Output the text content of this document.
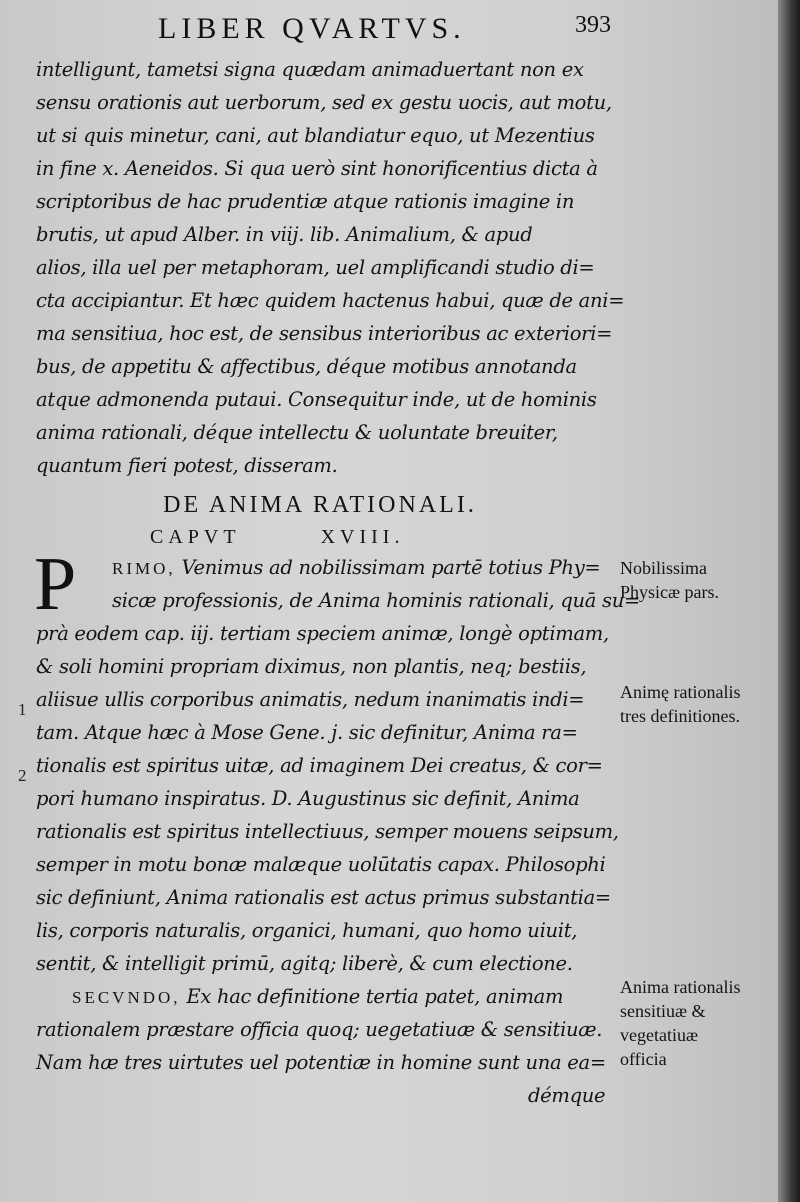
LIBER QVARTVS.	393
intelligunt, tametsi signa quædam animaduertant non ex
sensu orationis aut uerborum, sed ex gestu uocis, aut motu,
ut si quis minetur, cani, aut blandiatur equo, ut Mezentius
in fine x. Aeneidos. Si qua uerò sint honorificentius dicta à
scriptoribus de hac prudentiæ atque rationis imagine in
brutis, ut apud Alber. in viij. lib. Animalium, & apud
alios, illa uel per metaphoram, uel amplificandi studio di=
cta accipiantur. Et hæc quidem hactenus habui, quæ de ani=
ma sensitiua, hoc est, de sensibus interioribus ac exteriori=
bus, de appetitu & affectibus, déque motibus annotanda
atque admonenda putaui. Consequitur inde, ut de hominis
anima rationali, déque intellectu & uoluntate breuiter,
quantum fieri potest, disseram.
DE ANIMA RATIONALI.
CAPVT	XVIII.
P RIMO, Venimus ad nobilissimam partē totius Phy=
sicæ professionis, de Anima hominis rationali, quā su=
prà eodem cap. iij. tertiam speciem animæ, longè optimam,
& soli homini propriam diximus, non plantis, neq; bestiis,
aliisue ullis corporibus animatis, nedum inanimatis indi=
tam. Atque hæc à Mose Gene. j. sic definitur, Anima ra=
tionalis est spiritus uitæ, ad imaginem Dei creatus, & cor=
pori humano inspiratus. D. Augustinus sic definit, Anima
rationalis est spiritus intellectiuus, semper mouens seipsum,
semper in motu bonæ malæque uolūtatis capax. Philosophi
sic definiunt, Anima rationalis est actus primus substantia=
lis, corporis naturalis, organici, humani, quo homo uiuit,
sentit, & intelligit primū, agitq; liberè, & cum electione.
SECVNDO, Ex hac definitione tertia patet, animam
rationalem præstare officia quoq; uegetatiuæ & sensitiuæ.
Nam hæ tres uirtutes uel potentiæ in homine sunt una ea=
démque
1
2
Nobilissima Physicæ pars.
Animę rationalis tres definitiones.
Anima rationalis sensitiuæ & vegetatiuæ officia
